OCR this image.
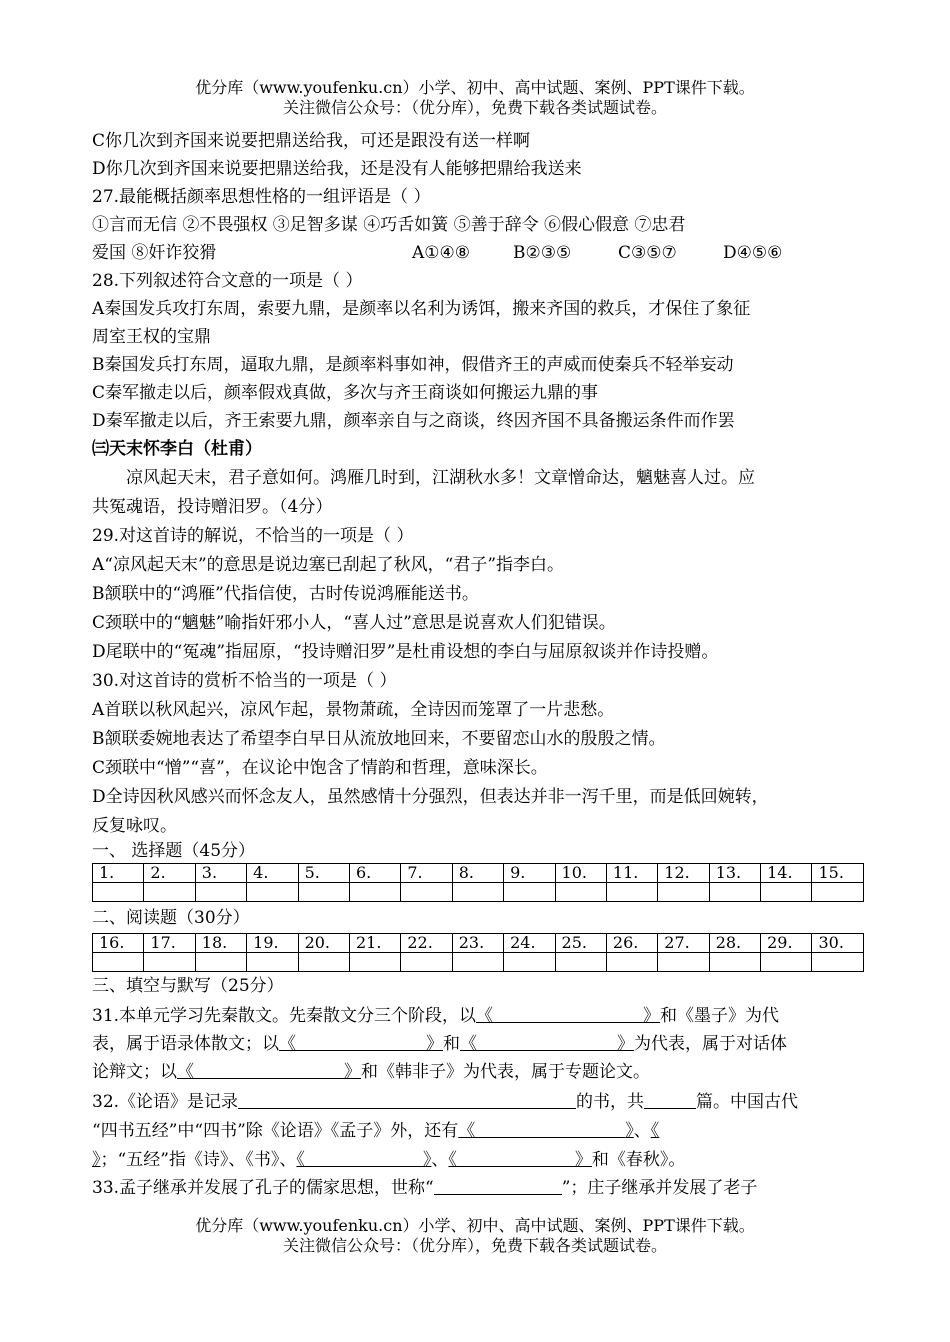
优分库（www.youfenku.cn）小学、初中、高中试题、案例、PPT课件下载。
关注微信公众号：（优分库），免费下载各类试题试卷。
C你几次到齐国来说要把鼎送给我，可还是跟没有送一样啊
D你几次到齐国来说要把鼎送给我，还是没有人能够把鼎给我送来
27.最能概括颜率思想性格的一组评语是（ ）
①言而无信 ②不畏强权 ③足智多谋 ④巧舌如簧 ⑤善于辞令 ⑥假心假意 ⑦忠君
爱国 ⑧奸诈狡猾	A①④⑧	B②③⑤	C③⑤⑦	D④⑤⑥
28.下列叙述符合文意的一项是（ ）
A秦国发兵攻打东周，索要九鼎，是颜率以名利为诱饵，搬来齐国的救兵，才保住了象征
周室王权的宝鼎
B秦国发兵打东周，逼取九鼎，是颜率料事如神，假借齐王的声威而使秦兵不轻举妄动
C秦军撤走以后，颜率假戏真做，多次与齐王商谈如何搬运九鼎的事
D秦军撤走以后，齐王索要九鼎，颜率亲自与之商谈，终因齐国不具备搬运条件而作罢
㈢天末怀李白（杜甫）
凉风起天末，君子意如何。鸿雁几时到，江湖秋水多！文章憎命达，魑魅喜人过。应
共冤魂语，投诗赠汨罗。（4分）
29.对这首诗的解说，不恰当的一项是（ ）
A“凉风起天末”的意思是说边塞已刮起了秋风，“君子”指李白。
B颔联中的“鸿雁”代指信使，古时传说鸿雁能送书。
C颈联中的“魑魅”喻指奸邪小人，“喜人过”意思是说喜欢人们犯错误。
D尾联中的“冤魂”指屈原，“投诗赠汨罗”是杜甫设想的李白与屈原叙谈并作诗投赠。
30.对这首诗的赏析不恰当的一项是（ ）
A首联以秋风起兴，凉风乍起，景物萧疏，全诗因而笼罩了一片悲愁。
B颔联委婉地表达了希望李白早日从流放地回来，不要留恋山水的殷殷之情。
C颈联中“憎”“喜”，在议论中饱含了情韵和哲理，意味深长。
D全诗因秋风感兴而怀念友人，虽然感情十分强烈，但表达并非一泻千里，而是低回婉转，
反复咏叹。
一、 选择题（45分）
1.	2.	3.	4.	5.	6.	7.	8.	9.	10.	11.	12.	13.	14.	15.

二、阅读题（30分）
16.	17.	18.	19.	20.	21.	22.	23.	24.	25.	26.	27.	28.	29.	30.

三、填空与默写（25分）
31.本单元学习先秦散文。先秦散文分三个阶段，以《	》和《墨子》为代
表，属于语录体散文；以《	》和《	》为代表，属于对话体
论辩文；以《	》和《韩非子》为代表，属于专题论文。
32.《论语》是记录	的书，共	篇。中国古代
“四书五经”中“四书”除《论语》《孟子》外，还有《	》、《
》；“五经”指《诗》、《书》、《	》、《	》和《春秋》。
33.孟子继承并发展了孔子的儒家思想，世称“	”；庄子继承并发展了老子
优分库（www.youfenku.cn）小学、初中、高中试题、案例、PPT课件下载。
关注微信公众号：（优分库），免费下载各类试题试卷。
